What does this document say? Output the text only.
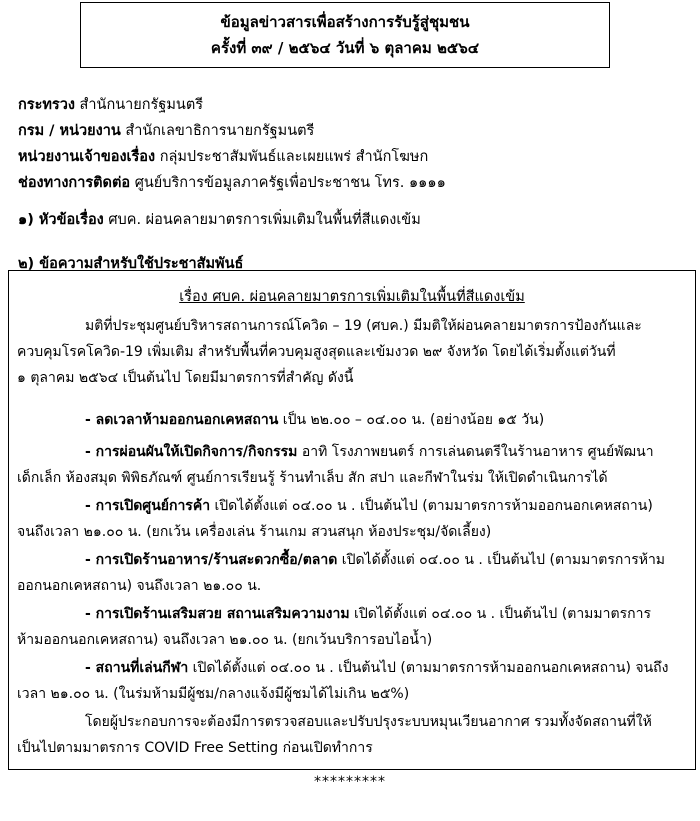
ข้อมูลข่าวสารเพื่อสร้างการรับรู้สู่ชุมชน
ครั้งที่ ๓๙ / ๒๕๖๔ วันที่ ๖ ตุลาคม ๒๕๖๔
กระทรวง สำนักนายกรัฐมนตรี
กรม / หน่วยงาน สำนักเลขาธิการนายกรัฐมนตรี
หน่วยงานเจ้าของเรื่อง กลุ่มประชาสัมพันธ์และเผยแพร่ สำนักโฆษก
ช่องทางการติดต่อ ศูนย์บริการข้อมูลภาครัฐเพื่อประชาชน โทร. ๑๑๑๑
๑) หัวข้อเรื่อง ศบค. ผ่อนคลายมาตรการเพิ่มเติมในพื้นที่สีแดงเข้ม
๒) ข้อความสำหรับใช้ประชาสัมพันธ์
เรื่อง ศบค. ผ่อนคลายมาตรการเพิ่มเติมในพื้นที่สีแดงเข้ม
มติที่ประชุมศูนย์บริหารสถานการณ์โควิด – 19 (ศบค.) มีมติให้ผ่อนคลายมาตรการป้องกันและ
ควบคุมโรคโควิด-19 เพิ่มเติม สำหรับพื้นที่ควบคุมสูงสุดและเข้มงวด ๒๙ จังหวัด โดยได้เริ่มตั้งแต่วันที่
๑ ตุลาคม ๒๕๖๔ เป็นต้นไป โดยมีมาตรการที่สำคัญ ดังนี้
- ลดเวลาห้ามออกนอกเคหสถาน เป็น ๒๒.๐๐ – ๐๔.๐๐ น. (อย่างน้อย ๑๕ วัน)
- การผ่อนผันให้เปิดกิจการ/กิจกรรม อาทิ โรงภาพยนตร์ การเล่นดนตรีในร้านอาหาร ศูนย์พัฒนา
เด็กเล็ก ห้องสมุด พิพิธภัณฑ์ ศูนย์การเรียนรู้ ร้านทำเล็บ สัก สปา และกีฬาในร่ม ให้เปิดดำเนินการได้
- การเปิดศูนย์การค้า เปิดได้ตั้งแต่ ๐๔.๐๐ น . เป็นต้นไป (ตามมาตรการห้ามออกนอกเคหสถาน)
จนถึงเวลา ๒๑.๐๐ น. (ยกเว้น เครื่องเล่น ร้านเกม สวนสนุก ห้องประชุม/จัดเลี้ยง)
- การเปิดร้านอาหาร/ร้านสะดวกซื้อ/ตลาด เปิดได้ตั้งแต่ ๐๔.๐๐ น . เป็นต้นไป (ตามมาตรการห้าม
ออกนอกเคหสถาน) จนถึงเวลา ๒๑.๐๐ น.
- การเปิดร้านเสริมสวย สถานเสริมความงาม เปิดได้ตั้งแต่ ๐๔.๐๐ น . เป็นต้นไป (ตามมาตรการ
ห้ามออกนอกเคหสถาน) จนถึงเวลา ๒๑.๐๐ น. (ยกเว้นบริการอบไอน้ำ)
- สถานที่เล่นกีฬา เปิดได้ตั้งแต่ ๐๔.๐๐ น . เป็นต้นไป (ตามมาตรการห้ามออกนอกเคหสถาน) จนถึง
เวลา ๒๑.๐๐ น. (ในร่มห้ามมีผู้ชม/กลางแจ้งมีผู้ชมได้ไม่เกิน ๒๕%)
โดยผู้ประกอบการจะต้องมีการตรวจสอบและปรับปรุงระบบหมุนเวียนอากาศ รวมทั้งจัดสถานที่ให้
เป็นไปตามมาตรการ COVID Free Setting ก่อนเปิดทำการ
*********
